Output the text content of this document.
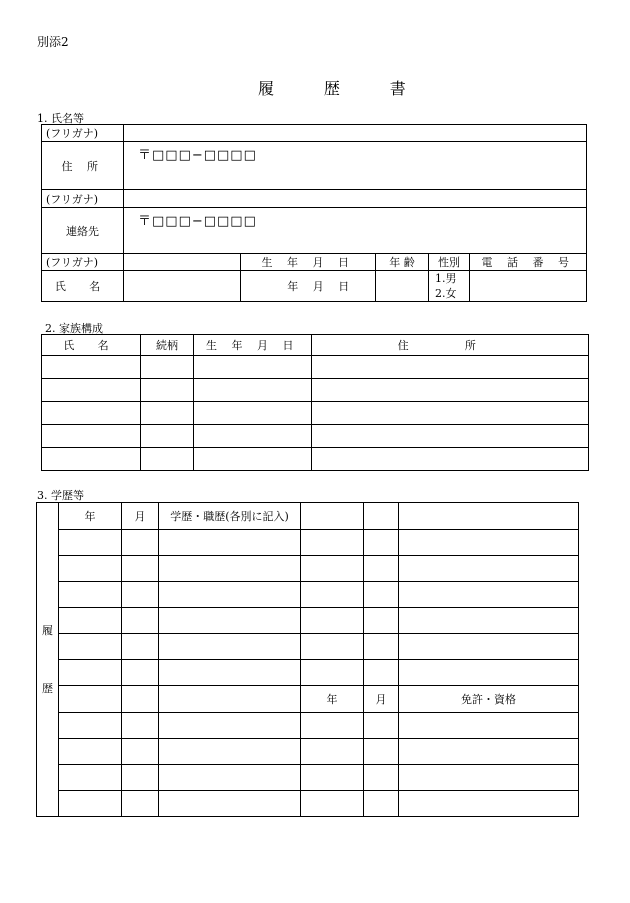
別添2
履 歴 書
1. 氏名等
(フリガナ)					
住 所	〒□□□−□□□□				
(フリガナ)					
連絡先	〒□□□−□□□□				
(フリガナ)		生 年 月 日	年 齢	性別	電 話 番 号
氏 名		年 月 日		1.男
2.女	

2. 家族構成
氏 名	続柄	生 年 月 日	住 所

3. 学歴等
履
歴	年	月	学歴・職歴(各別に記入)			

				年	月	免許・資格
